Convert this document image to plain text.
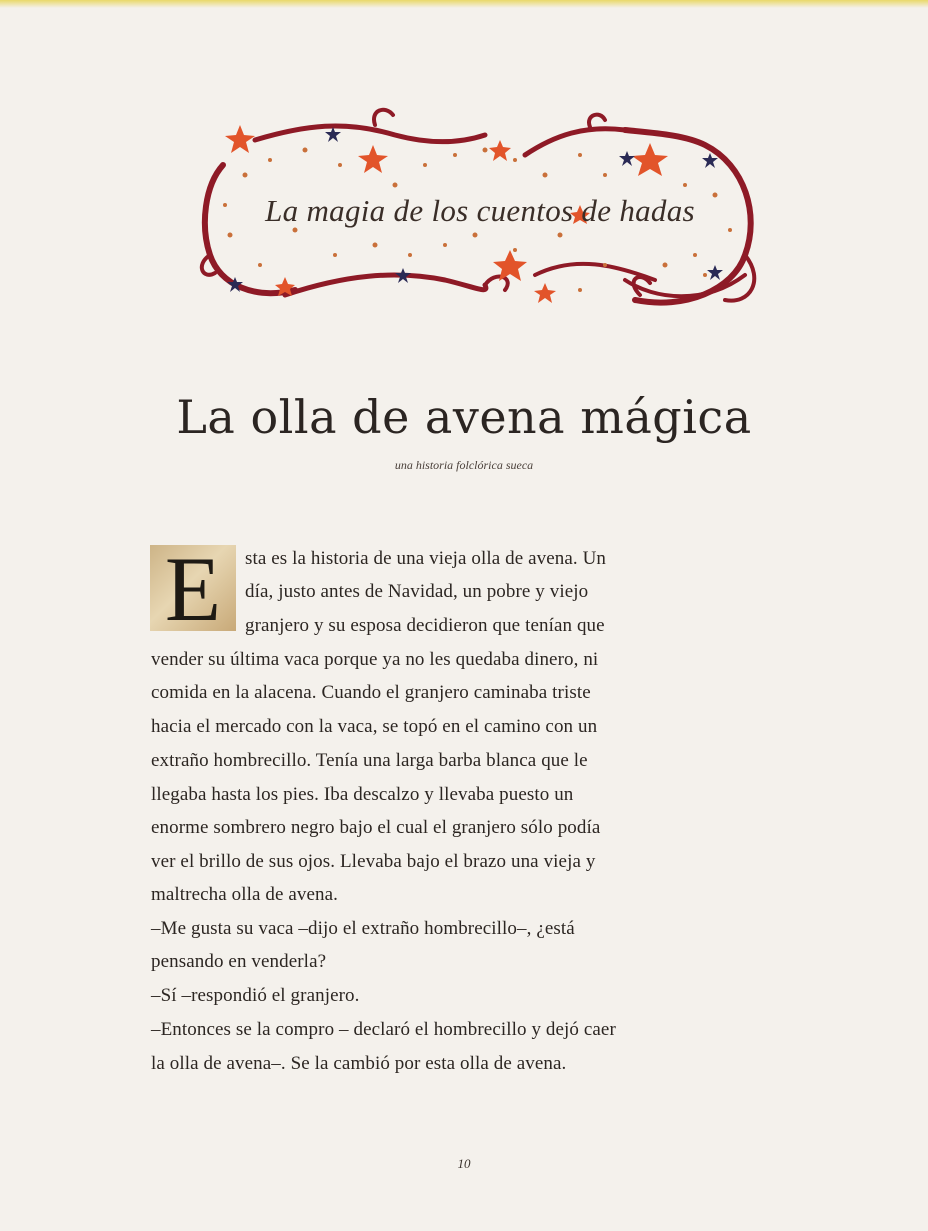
La magia de los cuentos de hadas
La olla de avena mágica
una historia folclórica sueca
E	sta es la historia de una vieja olla de avena. Un
día, justo antes de Navidad, un pobre y viejo
granjero y su esposa decidieron que tenían que
vender su última vaca porque ya no les quedaba dinero, ni
comida en la alacena. Cuando el granjero caminaba triste
hacia el mercado con la vaca, se topó en el camino con un
extraño hombrecillo. Tenía una larga barba blanca que le
llegaba hasta los pies. Iba descalzo y llevaba puesto un
enorme sombrero negro bajo el cual el granjero sólo podía
ver el brillo de sus ojos. Llevaba bajo el brazo una vieja y
maltrecha olla de avena.
–Me gusta su vaca –dijo el extraño hombrecillo–, ¿está
pensando en venderla?
–Sí –respondió el granjero.
–Entonces se la compro – declaró el hombrecillo y dejó caer
la olla de avena–. Se la cambió por esta olla de avena.
10
